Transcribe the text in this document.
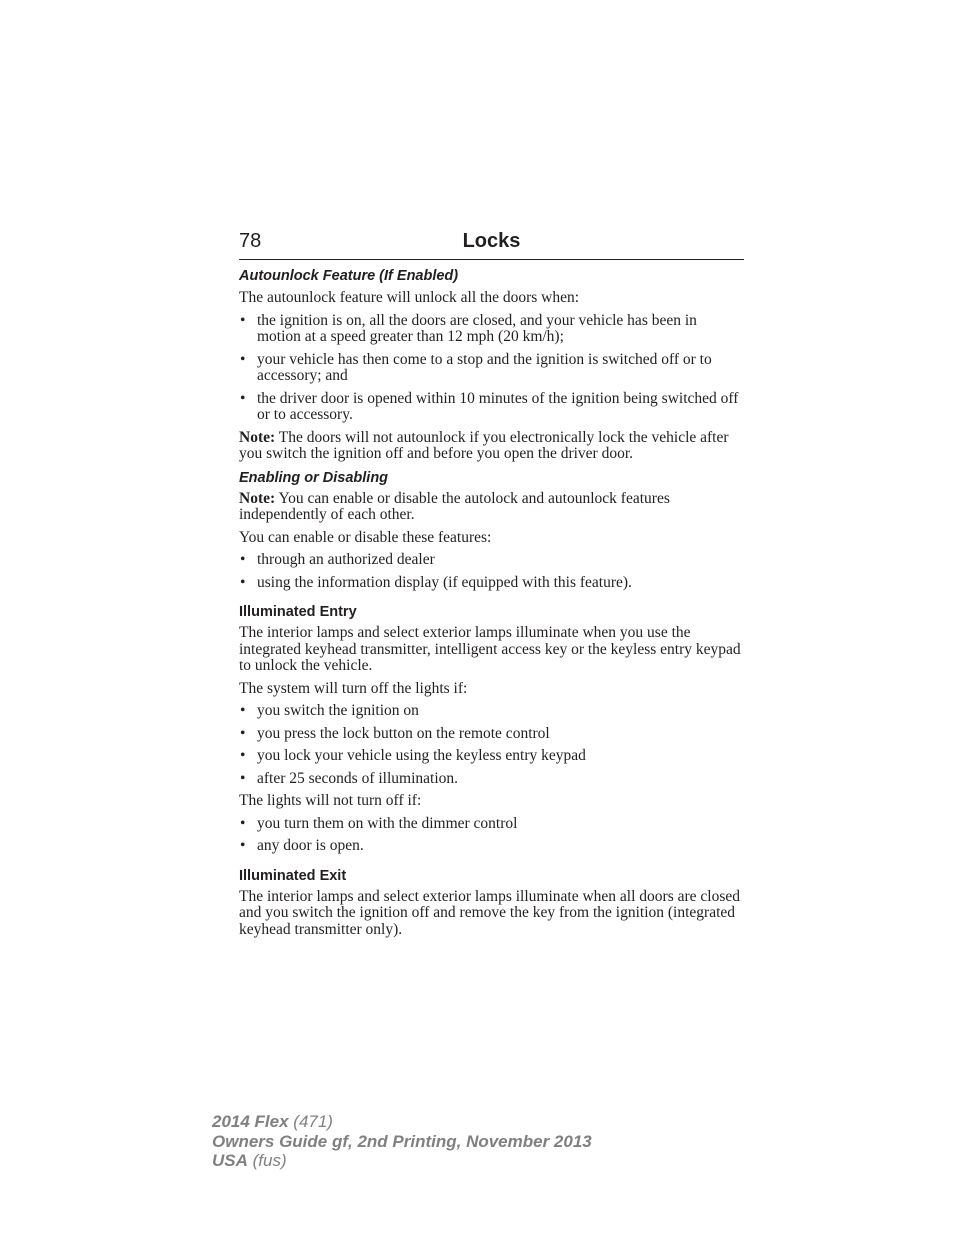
78	Locks
Autounlock Feature (If Enabled)

The autounlock feature will unlock all the doors when:

• the ignition is on, all the doors are closed, and your vehicle has been in motion at a speed greater than 12 mph (20 km/h);
• your vehicle has then come to a stop and the ignition is switched off or to accessory; and
• the driver door is opened within 10 minutes of the ignition being switched off or to accessory.

Note: The doors will not autounlock if you electronically lock the vehicle after you switch the ignition off and before you open the driver door.

Enabling or Disabling

Note: You can enable or disable the autolock and autounlock features independently of each other.

You can enable or disable these features:

• through an authorized dealer
• using the information display (if equipped with this feature).
Illuminated Entry

The interior lamps and select exterior lamps illuminate when you use the integrated keyhead transmitter, intelligent access key or the keyless entry keypad to unlock the vehicle.

The system will turn off the lights if:

• you switch the ignition on
• you press the lock button on the remote control
• you lock your vehicle using the keyless entry keypad
• after 25 seconds of illumination.

The lights will not turn off if:

• you turn them on with the dimmer control
• any door is open.
Illuminated Exit

The interior lamps and select exterior lamps illuminate when all doors are closed and you switch the ignition off and remove the key from the ignition (integrated keyhead transmitter only).

2014 Flex (471)
Owners Guide gf, 2nd Printing, November 2013
USA (fus)
